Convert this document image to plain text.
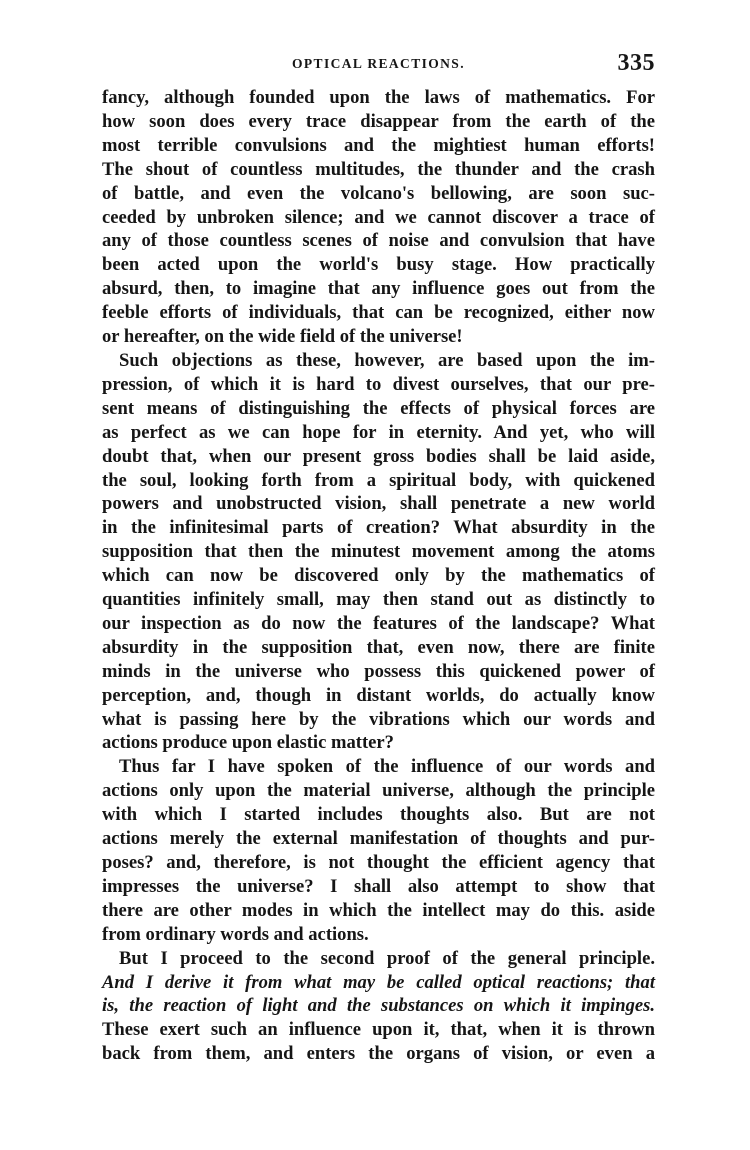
OPTICAL REACTIONS.	335

fancy, although founded upon the laws of mathematics. For

how soon does every trace disappear from the earth of the

most terrible convulsions and the mightiest human efforts!

The shout of countless multitudes, the thunder and the crash

of battle, and even the volcano's bellowing, are soon suc-

ceeded by unbroken silence; and we cannot discover a trace of

any of those countless scenes of noise and convulsion that have

been acted upon the world's busy stage. How practically

absurd, then, to imagine that any influence goes out from the

feeble efforts of individuals, that can be recognized, either now

or hereafter, on the wide field of the universe!

Such objections as these, however, are based upon the im-

pression, of which it is hard to divest ourselves, that our pre-

sent means of distinguishing the effects of physical forces are

as perfect as we can hope for in eternity. And yet, who will

doubt that, when our present gross bodies shall be laid aside,

the soul, looking forth from a spiritual body, with quickened

powers and unobstructed vision, shall penetrate a new world

in the infinitesimal parts of creation? What absurdity in the

supposition that then the minutest movement among the atoms

which can now be discovered only by the mathematics of

quantities infinitely small, may then stand out as distinctly to

our inspection as do now the features of the landscape? What

absurdity in the supposition that, even now, there are finite

minds in the universe who possess this quickened power of

perception, and, though in distant worlds, do actually know

what is passing here by the vibrations which our words and

actions produce upon elastic matter?

Thus far I have spoken of the influence of our words and

actions only upon the material universe, although the principle

with which I started includes thoughts also. But are not

actions merely the external manifestation of thoughts and pur-

poses? and, therefore, is not thought the efficient agency that

impresses the universe? I shall also attempt to show that

there are other modes in which the intellect may do this. aside

from ordinary words and actions.

But I proceed to the second proof of the general principle.

And I derive it from what may be called optical reactions; that

is, the reaction of light and the substances on which it impinges.

These exert such an influence upon it, that, when it is thrown

back from them, and enters the organs of vision, or even a
